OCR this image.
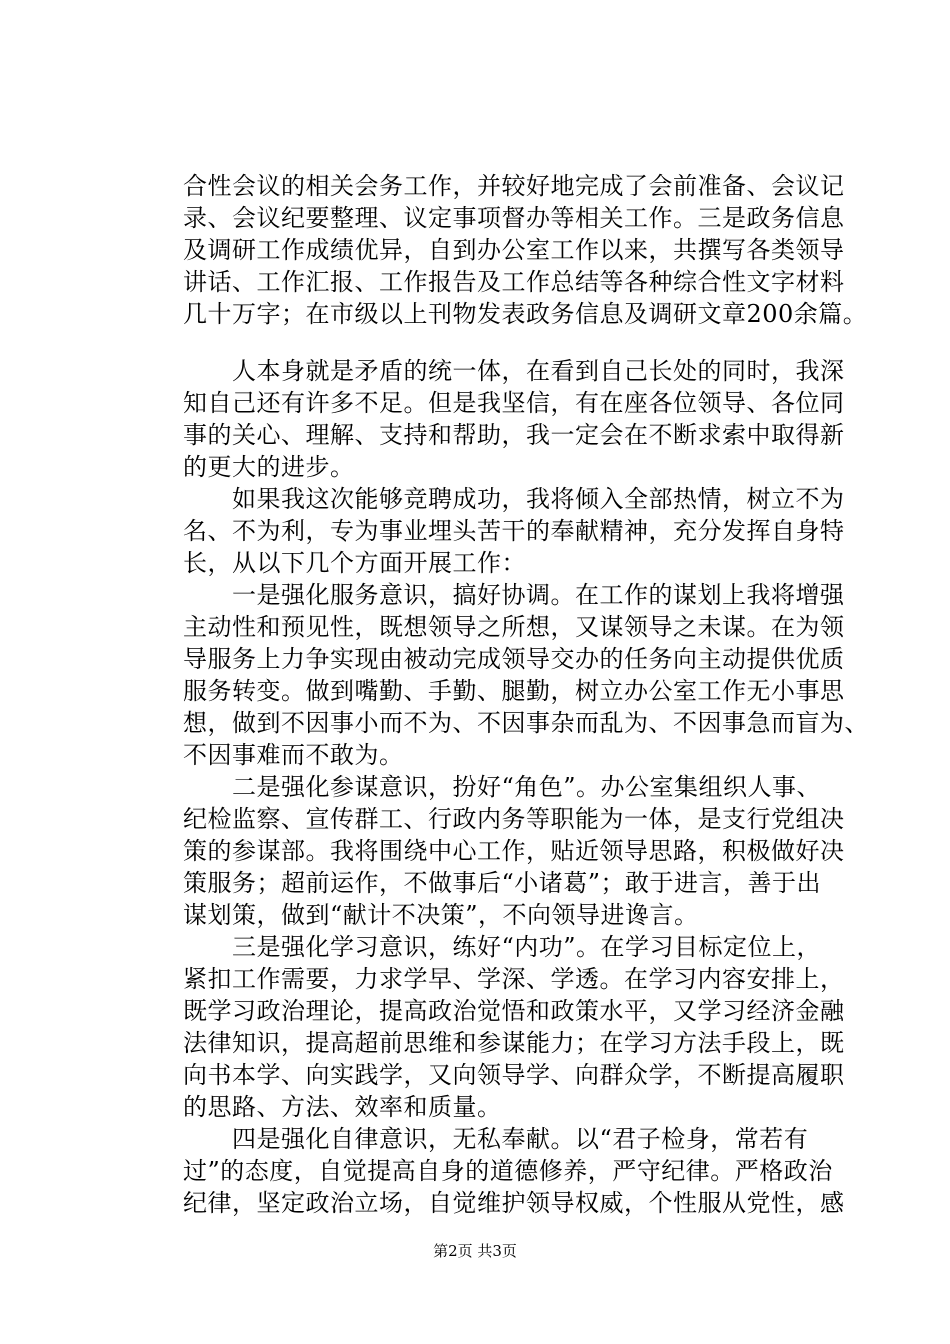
合性会议的相关会务工作，并较好地完成了会前准备、会议记
录、会议纪要整理、议定事项督办等相关工作。三是政务信息
及调研工作成绩优异，自到办公室工作以来，共撰写各类领导
讲话、工作汇报、工作报告及工作总结等各种综合性文字材料
几十万字；在市级以上刊物发表政务信息及调研文章200余篇。
　　人本身就是矛盾的统一体，在看到自己长处的同时，我深
知自己还有许多不足。但是我坚信，有在座各位领导、各位同
事的关心、理解、支持和帮助，我一定会在不断求索中取得新
的更大的进步。
　　如果我这次能够竞聘成功，我将倾入全部热情，树立不为
名、不为利，专为事业埋头苦干的奉献精神，充分发挥自身特
长，从以下几个方面开展工作：
　　一是强化服务意识，搞好协调。在工作的谋划上我将增强
主动性和预见性，既想领导之所想，又谋领导之未谋。在为领
导服务上力争实现由被动完成领导交办的任务向主动提供优质
服务转变。做到嘴勤、手勤、腿勤，树立办公室工作无小事思
想，做到不因事小而不为、不因事杂而乱为、不因事急而盲为、
不因事难而不敢为。
　　二是强化参谋意识，扮好“角色”。办公室集组织人事、
纪检监察、宣传群工、行政内务等职能为一体，是支行党组决
策的参谋部。我将围绕中心工作，贴近领导思路，积极做好决
策服务；超前运作，不做事后“小诸葛”；敢于进言，善于出
谋划策，做到“献计不决策”，不向领导进谗言。
　　三是强化学习意识，练好“内功”。在学习目标定位上，
紧扣工作需要，力求学早、学深、学透。在学习内容安排上，
既学习政治理论，提高政治觉悟和政策水平，又学习经济金融
法律知识，提高超前思维和参谋能力；在学习方法手段上，既
向书本学、向实践学，又向领导学、向群众学，不断提高履职
的思路、方法、效率和质量。
　　四是强化自律意识，无私奉献。以“君子检身，常若有
过”的态度，自觉提高自身的道德修养，严守纪律。严格政治
纪律，坚定政治立场，自觉维护领导权威，个性服从党性，感
第2页 共3页
